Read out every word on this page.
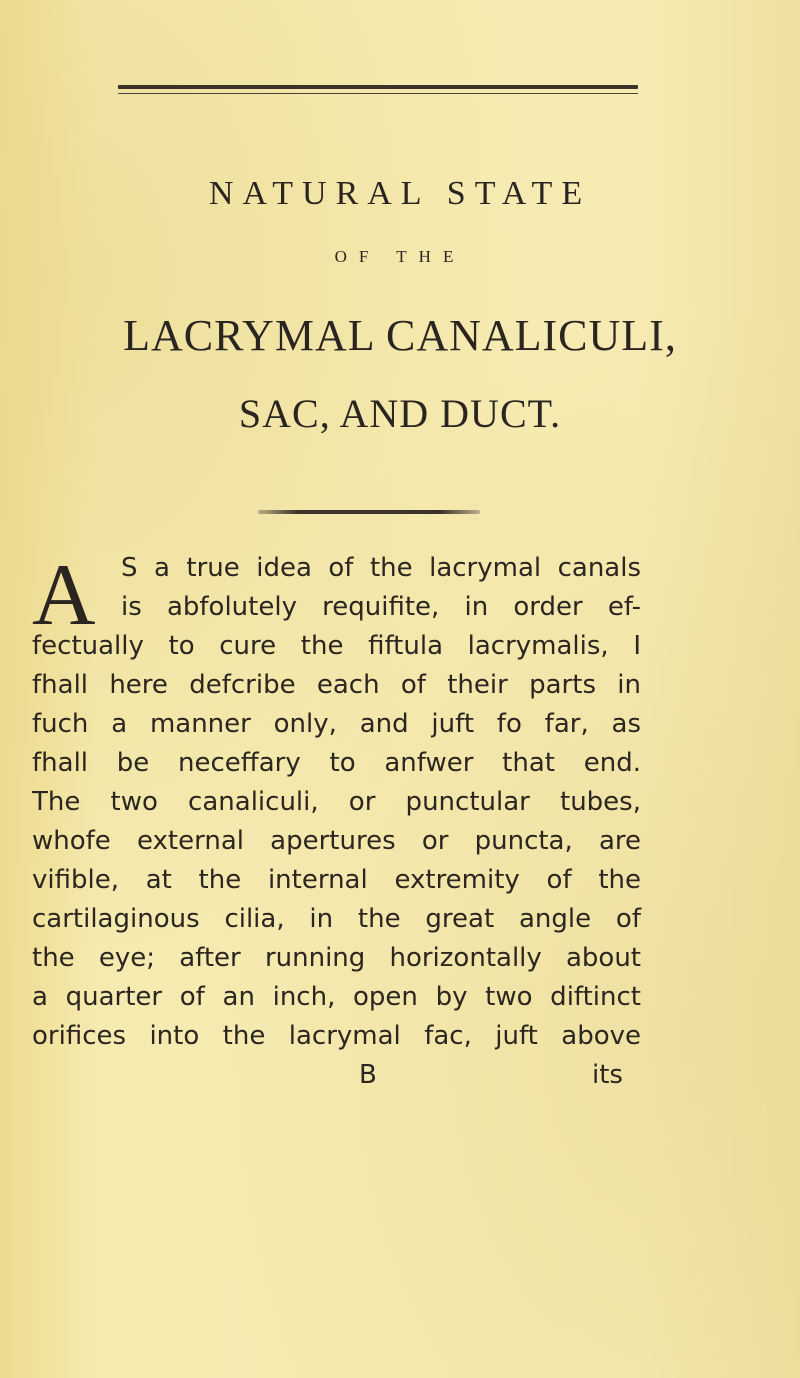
NATURAL STATE
OF THE
LACRYMAL CANALICULI,
SAC, AND DUCT.
A S a true idea of the lacrymal canals
is abfolutely requifite, in order ef-
fectually to cure the fiftula lacrymalis, I
fhall here defcribe each of their parts in
fuch a manner only, and juft fo far, as
fhall be neceffary to anfwer that end.
The two canaliculi, or punctular tubes,
whofe external apertures or puncta, are
vifible, at the internal extremity of the
cartilaginous cilia, in the great angle of
the eye; after running horizontally about
a quarter of an inch, open by two diftinct
orifices into the lacrymal fac, juft above
B	its
